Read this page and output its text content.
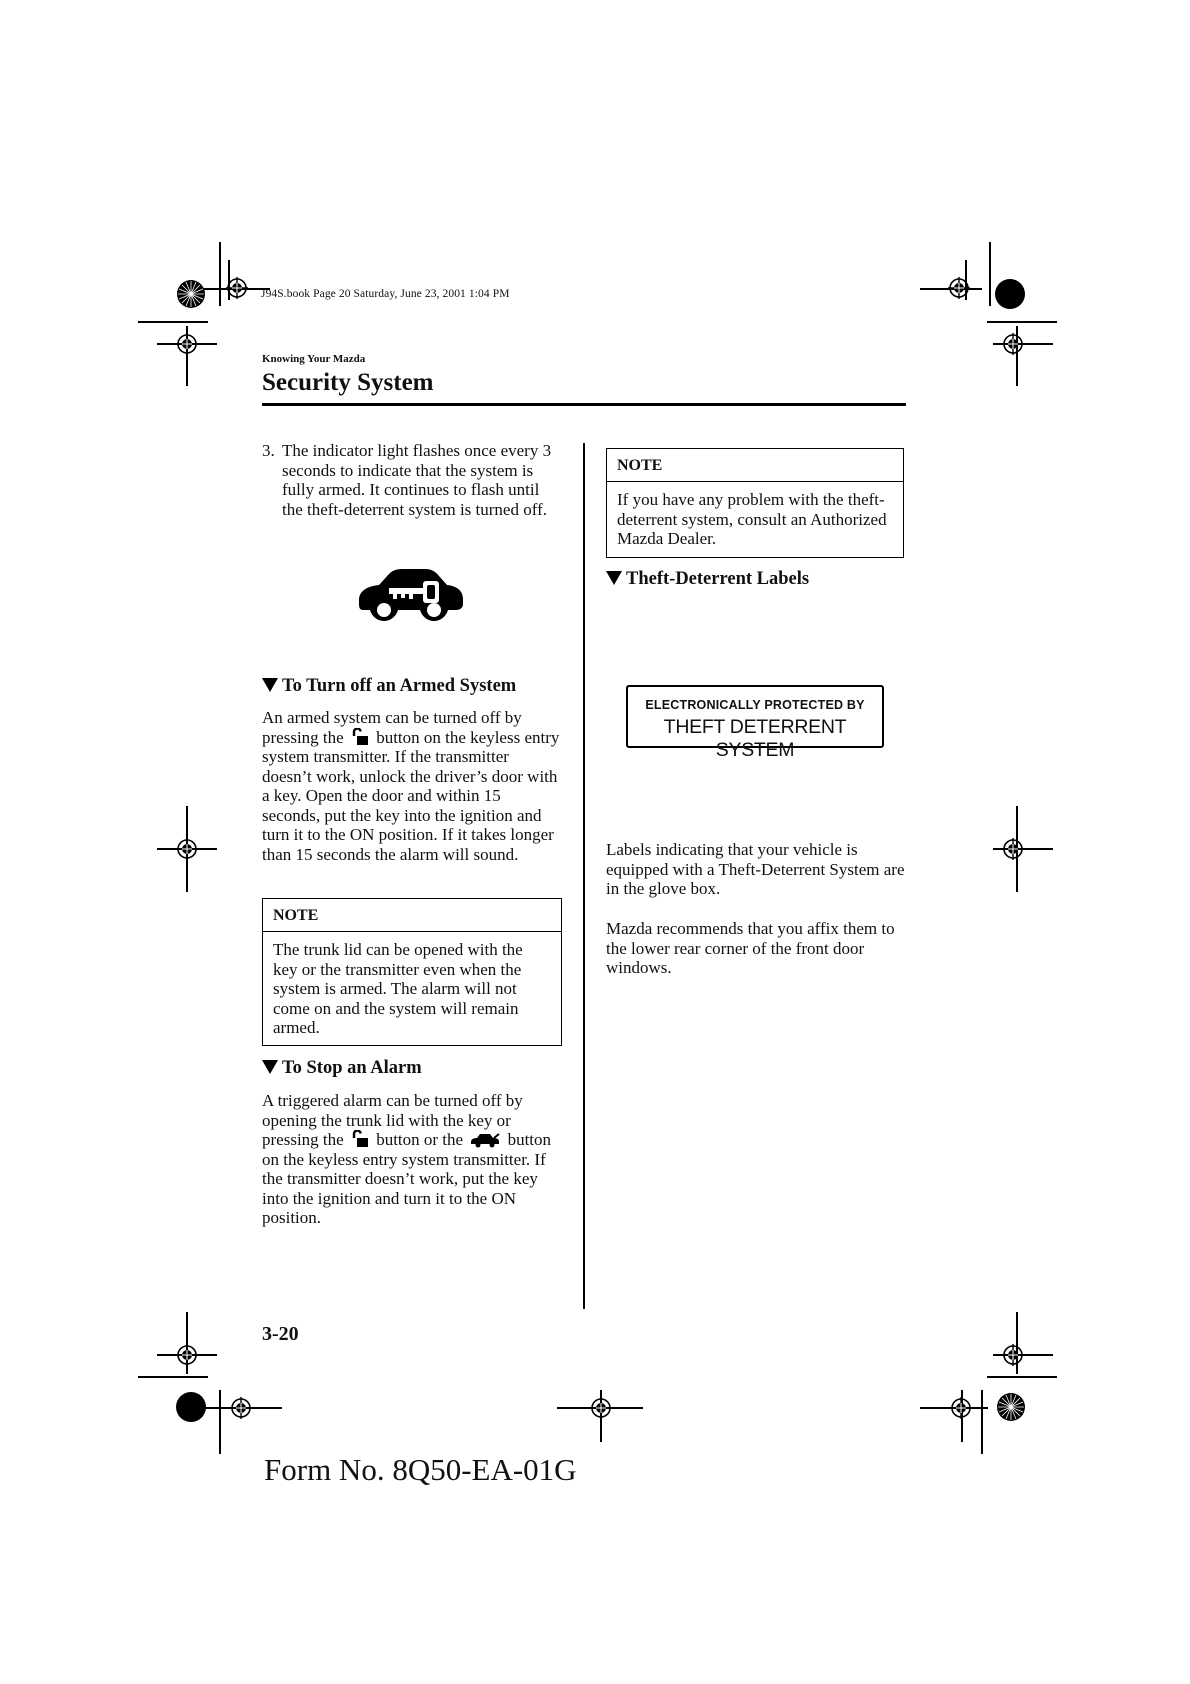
J94S.book Page 20 Saturday, June 23, 2001 1:04 PM
Knowing Your Mazda
Security System
3. The indicator light flashes once every 3 seconds to indicate that the system is fully armed. It continues to flash until the theft-deterrent system is turned off.
To Turn off an Armed System
An armed system can be turned off by pressing the button on the keyless entry system transmitter. If the transmitter doesn’t work, unlock the driver’s door with a key. Open the door and within 15 seconds, put the key into the ignition and turn it to the ON position. If it takes longer than 15 seconds the alarm will sound.
NOTE
The trunk lid can be opened with the key or the transmitter even when the system is armed. The alarm will not come on and the system will remain armed.
To Stop an Alarm
A triggered alarm can be turned off by opening the trunk lid with the key or pressing the button or the	button on the keyless entry system transmitter. If the transmitter doesn’t work, put the key into the ignition and turn it to the ON position.
NOTE
If you have any problem with the theft-deterrent system, consult an Authorized Mazda Dealer.
Theft-Deterrent Labels
ELECTRONICALLY PROTECTED BY
THEFT DETERRENT SYSTEM
Labels indicating that your vehicle is equipped with a Theft-Deterrent System are in the glove box.
Mazda recommends that you affix them to the lower rear corner of the front door windows.
3-20
Form No. 8Q50-EA-01G
